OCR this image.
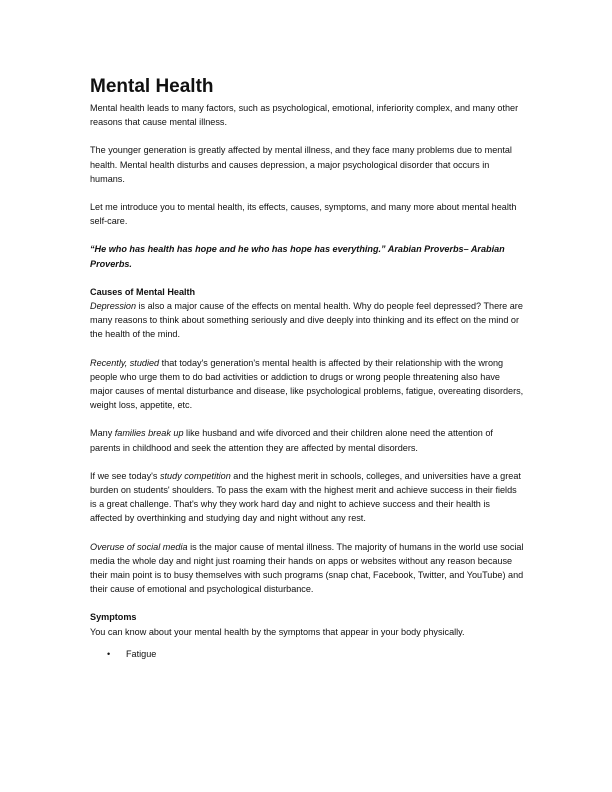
Mental Health

Mental health leads to many factors, such as psychological, emotional, inferiority complex, and many other reasons that cause mental illness.

The younger generation is greatly affected by mental illness, and they face many problems due to mental health. Mental health disturbs and causes depression, a major psychological disorder that occurs in humans.

Let me introduce you to mental health, its effects, causes, symptoms, and many more about mental health self-care.

“He who has health has hope and he who has hope has everything.” Arabian Proverbs– Arabian Proverbs.

Causes of Mental Health

Depression is also a major cause of the effects on mental health. Why do people feel depressed? There are many reasons to think about something seriously and dive deeply into thinking and its effect on the mind or the health of the mind.

Recently, studied that today's generation's mental health is affected by their relationship with the wrong people who urge them to do bad activities or addiction to drugs or wrong people threatening also have major causes of mental disturbance and disease, like psychological problems, fatigue, overeating disorders, weight loss, appetite, etc.

Many families break up like husband and wife divorced and their children alone need the attention of parents in childhood and seek the attention they are affected by mental disorders.

If we see today's study competition and the highest merit in schools, colleges, and universities have a great burden on students' shoulders. To pass the exam with the highest merit and achieve success in their fields is a great challenge. That's why they work hard day and night to achieve success and their health is affected by overthinking and studying day and night without any rest.

Overuse of social media is the major cause of mental illness. The majority of humans in the world use social media the whole day and night just roaming their hands on apps or websites without any reason because their main point is to busy themselves with such programs (snap chat, Facebook, Twitter, and YouTube) and their cause of emotional and psychological disturbance.

Symptoms

You can know about your mental health by the symptoms that appear in your body physically.

• Fatigue
